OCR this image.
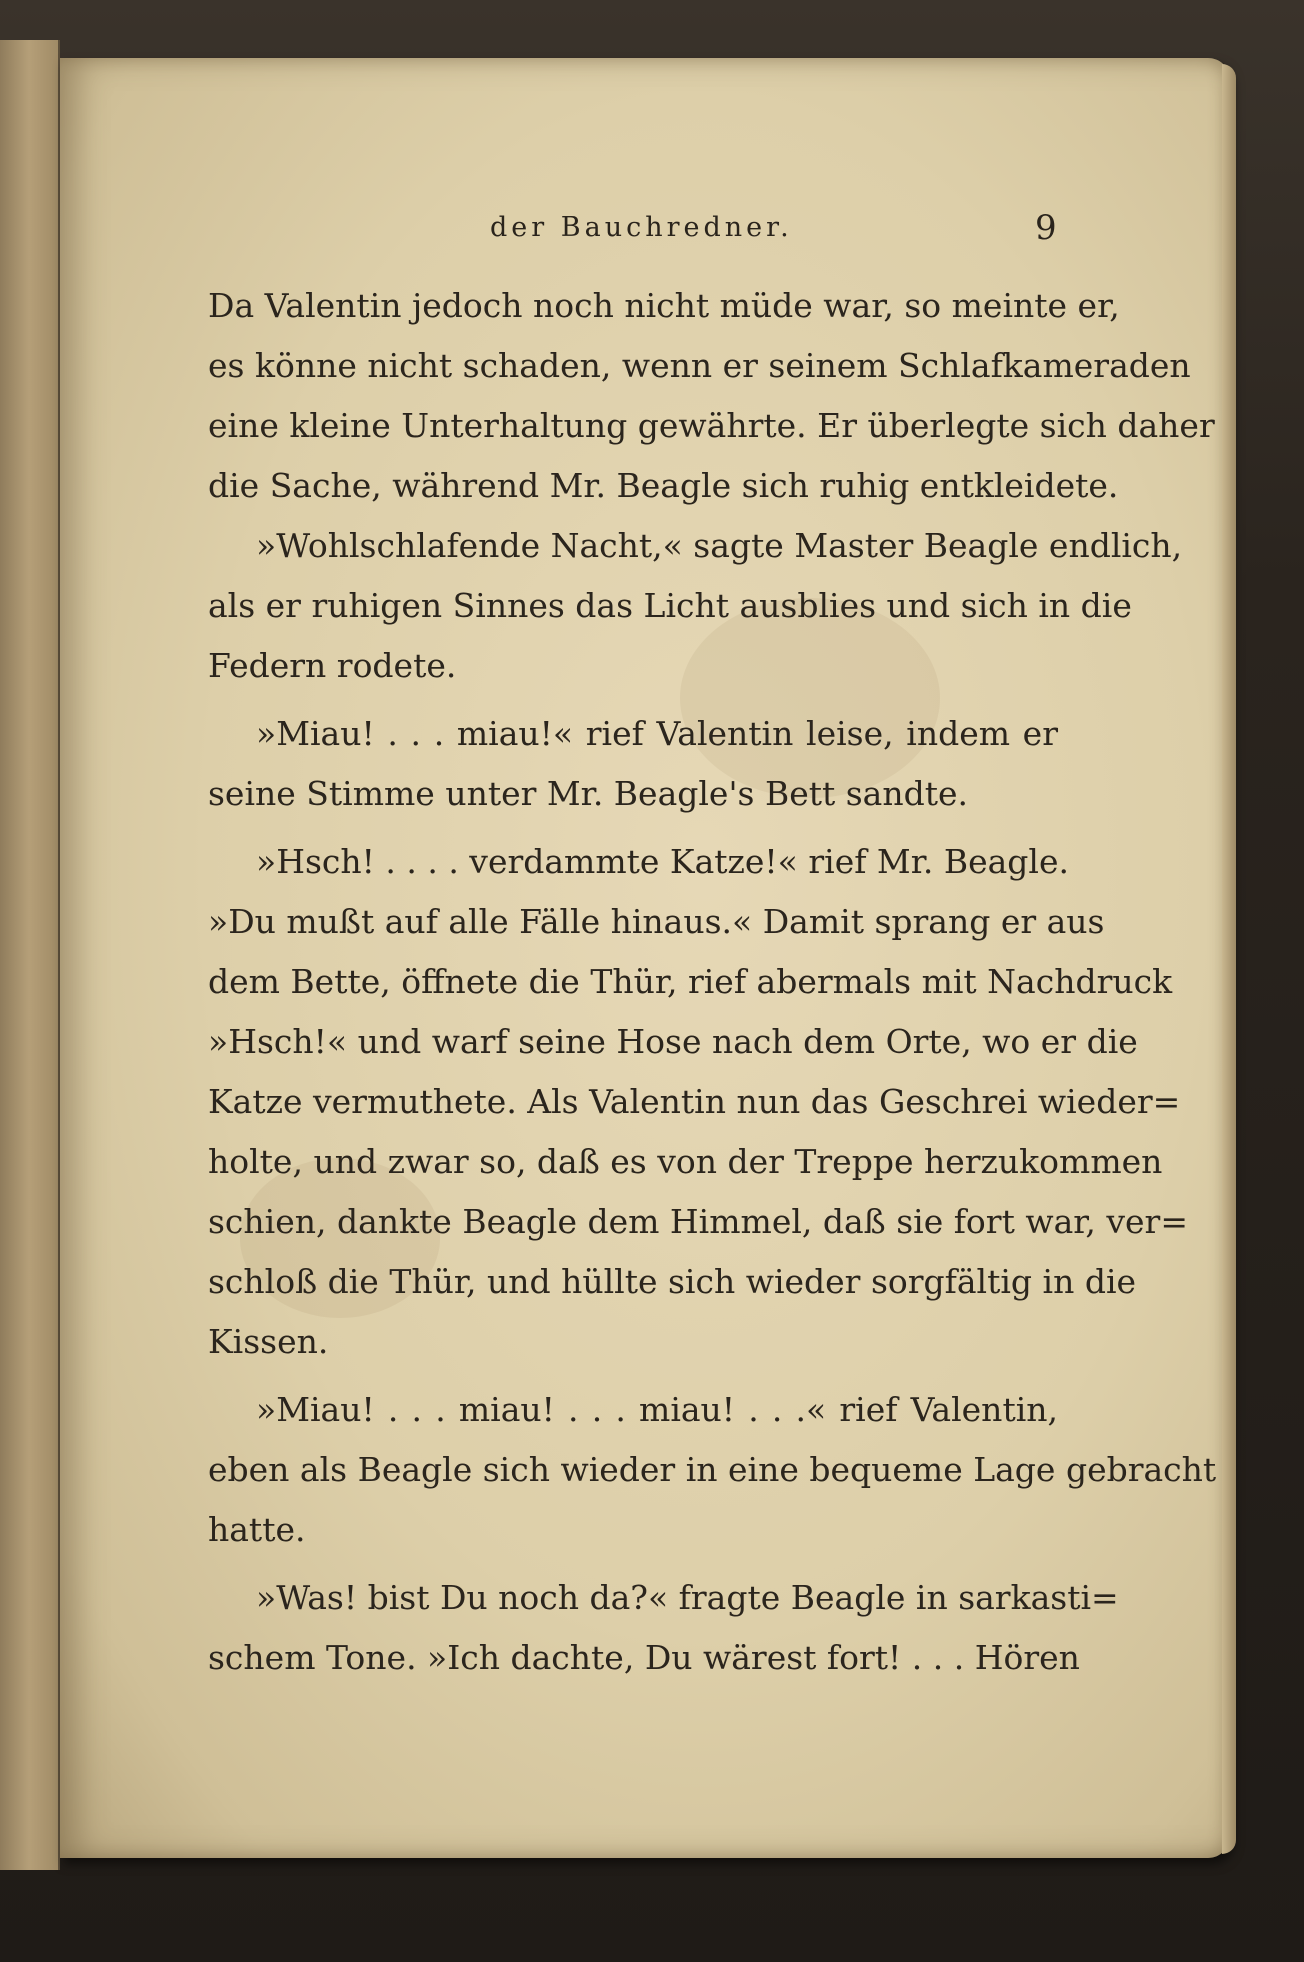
der Bauchredner.	9
Da Valentin jedoch noch nicht müde war, so meinte er,
es könne nicht schaden, wenn er seinem Schlafkameraden
eine kleine Unterhaltung gewährte. Er überlegte sich daher
die Sache, während Mr. Beagle sich ruhig entkleidete.
»Wohlschlafende Nacht,« sagte Master Beagle endlich,
als er ruhigen Sinnes das Licht ausblies und sich in die
Federn rodete.
»Miau! . . . miau!« rief Valentin leise, indem er
seine Stimme unter Mr. Beagle's Bett sandte.
»Hsch! . . . . verdammte Katze!« rief Mr. Beagle.
»Du mußt auf alle Fälle hinaus.« Damit sprang er aus
dem Bette, öffnete die Thür, rief abermals mit Nachdruck
»Hsch!« und warf seine Hose nach dem Orte, wo er die
Katze vermuthete. Als Valentin nun das Geschrei wieder=
holte, und zwar so, daß es von der Treppe herzukommen
schien, dankte Beagle dem Himmel, daß sie fort war, ver=
schloß die Thür, und hüllte sich wieder sorgfältig in die
Kissen.
»Miau! . . . miau! . . . miau! . . .« rief Valentin,
eben als Beagle sich wieder in eine bequeme Lage gebracht
hatte.
»Was! bist Du noch da?« fragte Beagle in sarkasti=
schem Tone. »Ich dachte, Du wärest fort! . . . Hören
